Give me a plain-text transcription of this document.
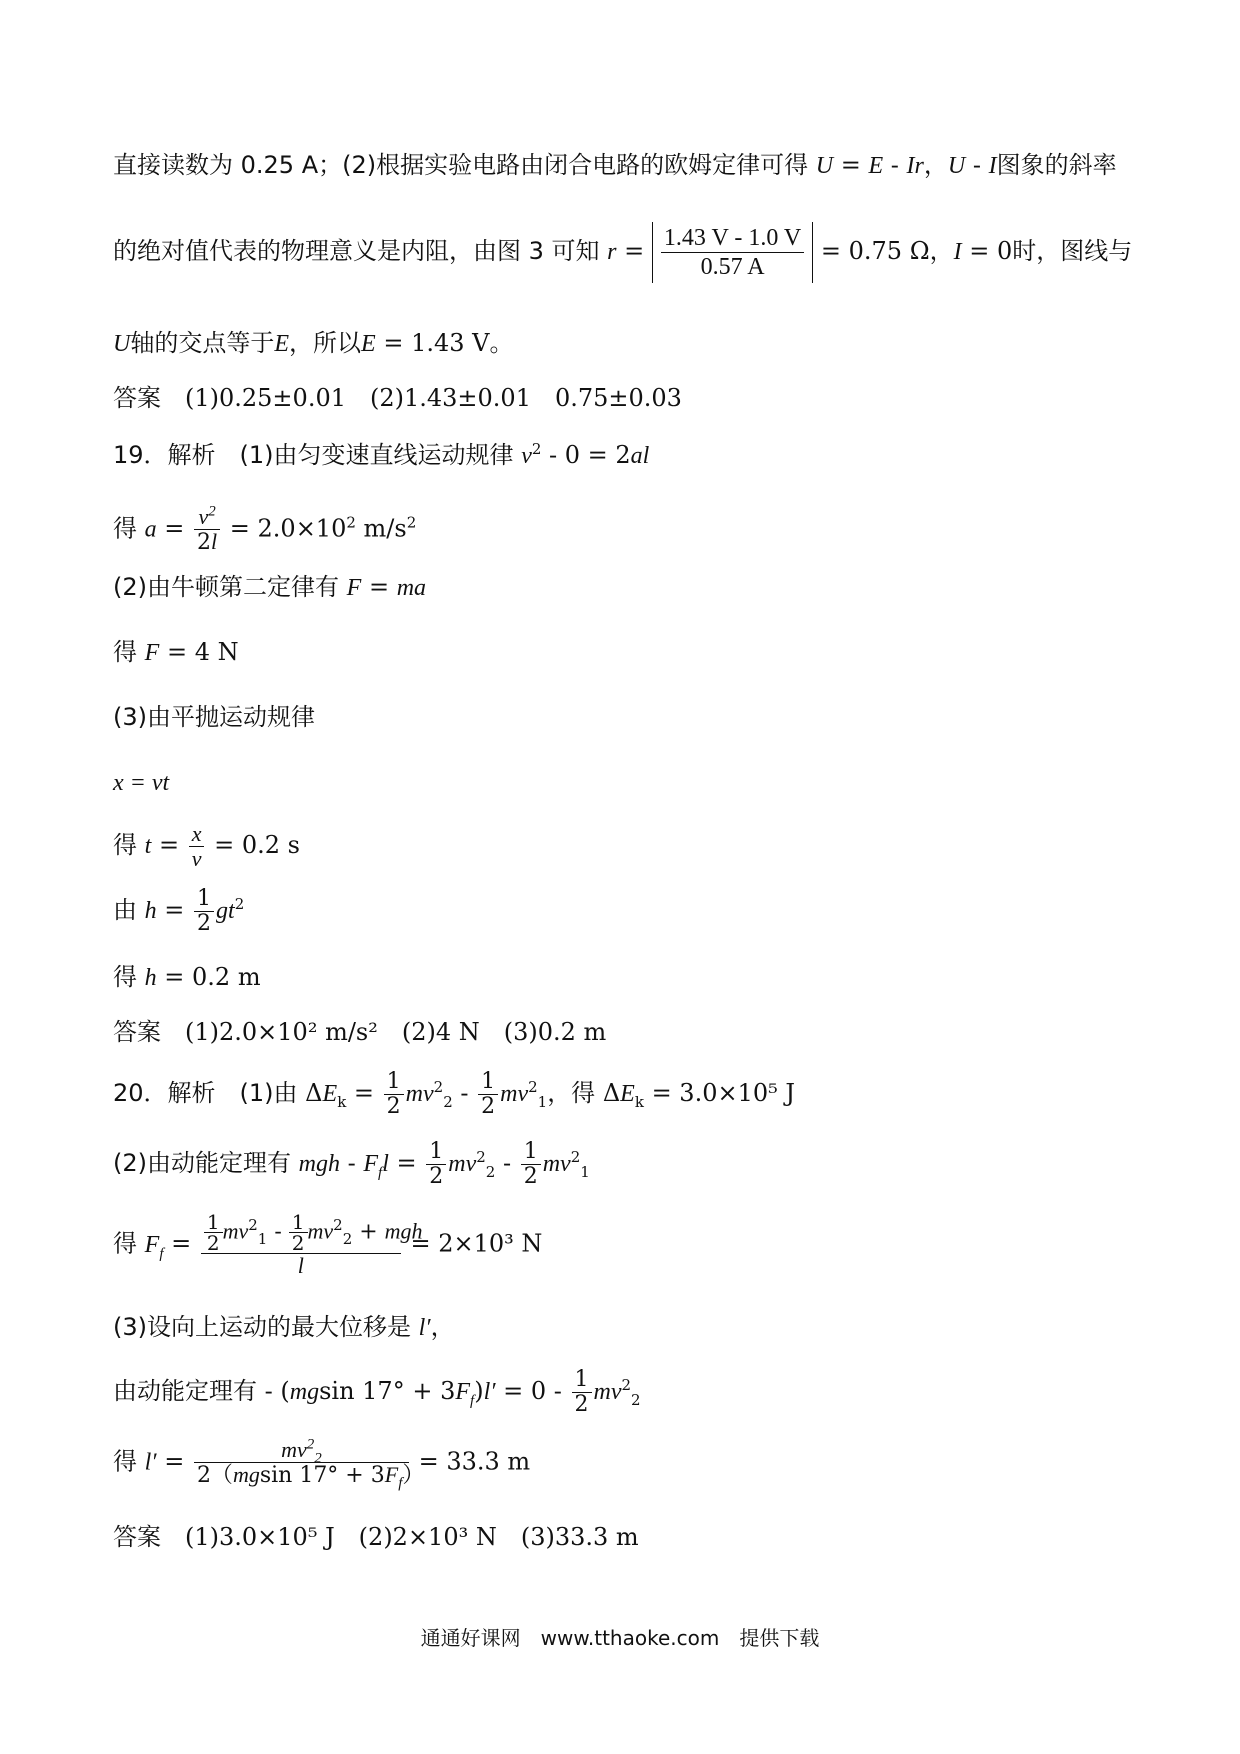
直接读数为 0.25 A；(2)根据实验电路由闭合电路的欧姆定律可得 U = E - Ir，U - I图象的斜率
的绝对值代表的物理意义是内阻，由图 3 可知 $r = \frac{1.43 V - 1.0 V}{0.57 A} = 0.75$ Ω，I = 0时，图线与
U轴的交点等于E，所以E = 1.43 V。
答案　 (1)0.25±0.01　(2)1.43±0.01　0.75±0.03
19．解析　(1)由匀变速直线运动规律 $v^2 - 0 = 2al$
得 $a = \frac{v^2}{2l} = 2.0\times 10^2$ $m/s^2$
(2)由牛顿第二定律有 F = ma
得 F = 4 N
(3)由平抛运动规律
x = vt
得 $t = \frac{x}{v} = 0.2$ s
由 $h = \frac{1}{2} gt^2$
得 h = 0.2 m
答案　 (1)2.0×10² m/s²　(2)4 N　(3)0.2 m
20．解析　(1)由 $\Delta E_k = \frac{1}{2} mv^2_2 - \frac{1}{2} mv^2_1$，得 $\Delta E_k = 3.0\times 10^5$ J
(2)由动能定理有 mgh - $F_fl = \frac{1}{2} mv^2_2 - \frac{1}{2} mv^2_1$
得 $F_f = \frac{\frac{1}{2} mv^2_1 - \frac{1}{2} mv^2_2 + mgh}{l} = 2\times 10^3$ N
(3)设向上运动的最大位移是 l′，
由动能定理有 - (mgsin $17^\circ + 3F_f)l' = 0 - \frac{1}{2} mv^2_2$
得 $l' = \frac{mv^2_2}{2(mgsin 17^\circ + 3F_f)} = 33.3$ m
答案　 (1)3.0×10⁵ J　(2)2×10³ N　(3)33.3 m
通通好课网　www.tthaoke.com　提供下载
